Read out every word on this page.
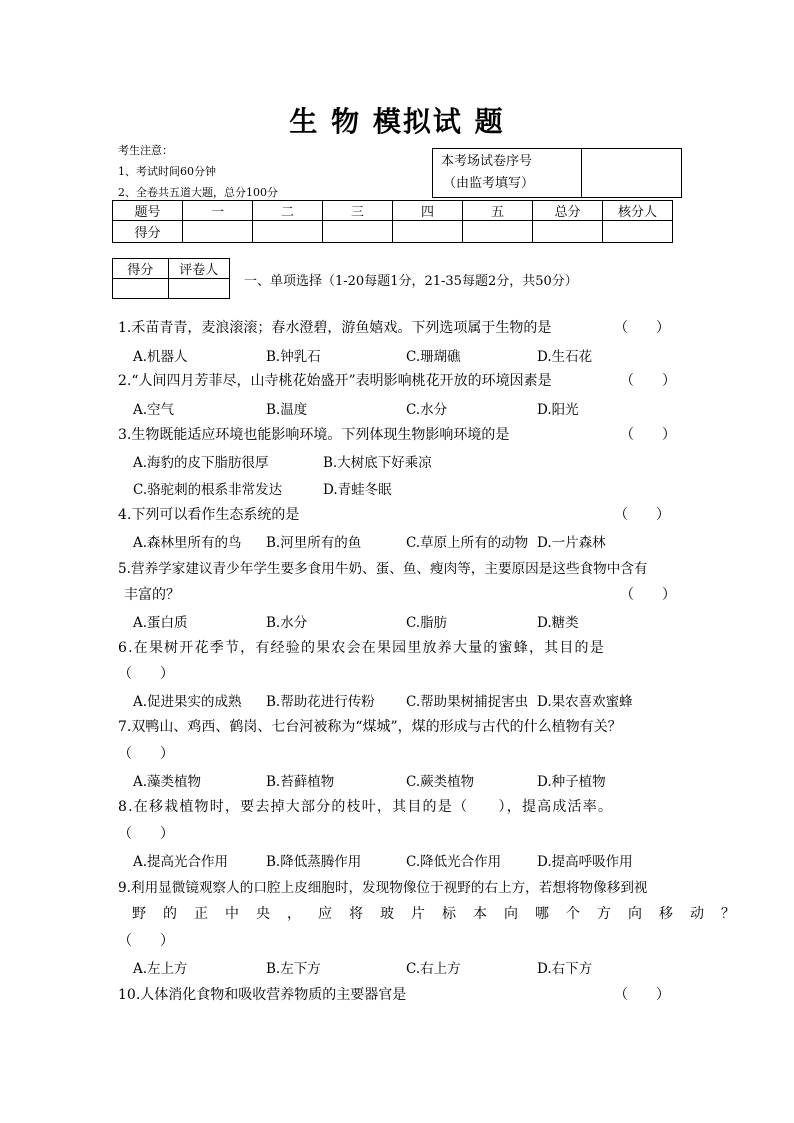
生 物 模拟试 题
考生注意：
1、考试时间60分钟
2、全卷共五道大题，总分100分
本考场试卷序号
（由监考填写）

题号	一	二	三	四	五	总分	核分人
得分							
得分	评卷人

一、单项选择（1-20每题1分，21-35每题2分，共50分）
1.禾苗青青，麦浪滚滚；春水澄碧，游鱼嬉戏。下列选项属于生物的是	（　　）
A.机器人	B.钟乳石	C.珊瑚礁	D.生石花
2.“人间四月芳菲尽，山寺桃花始盛开”表明影响桃花开放的环境因素是	（　　）
A.空气	B.温度	C.水分	D.阳光
3.生物既能适应环境也能影响环境。下列体现生物影响环境的是	（　　）
A.海豹的皮下脂肪很厚	B.大树底下好乘凉
C.骆驼刺的根系非常发达	D.青蛙冬眠
4.下列可以看作生态系统的是	（　　）
A.森林里所有的鸟 B.河里所有的鱼	C.草原上所有的动物 D.一片森林
5.营养学家建议青少年学生要多食用牛奶、蛋、鱼、瘦肉等，主要原因是这些食物中含有
丰富的？	（　　）
A.蛋白质	B.水分	C.脂肪	D.糖类
6.在果树开花季节，有经验的果农会在果园里放养大量的蜜蜂，其目的是
（　　）
A.促进果实的成熟 B.帮助花进行传粉 C.帮助果树捕捉害虫 D.果农喜欢蜜蜂
7.双鸭山、鸡西、鹤岗、七台河被称为“煤城”，煤的形成与古代的什么植物有关？
（　　）
A.藻类植物	B.苔藓植物	C.蕨类植物	D.种子植物
8.在移栽植物时，要去掉大部分的枝叶，其目的是（　　），提高成活率。
（　　）
A.提高光合作用	B.降低蒸腾作用	C.降低光合作用	D.提高呼吸作用
9.利用显微镜观察人的口腔上皮细胞时，发现物像位于视野的右上方，若想将物像移到视
野的正中央，应将玻片标本向哪个方向移动？
（　　）
A.左上方	B.左下方	C.右上方	D.右下方
10.人体消化食物和吸收营养物质的主要器官是	（　　）
